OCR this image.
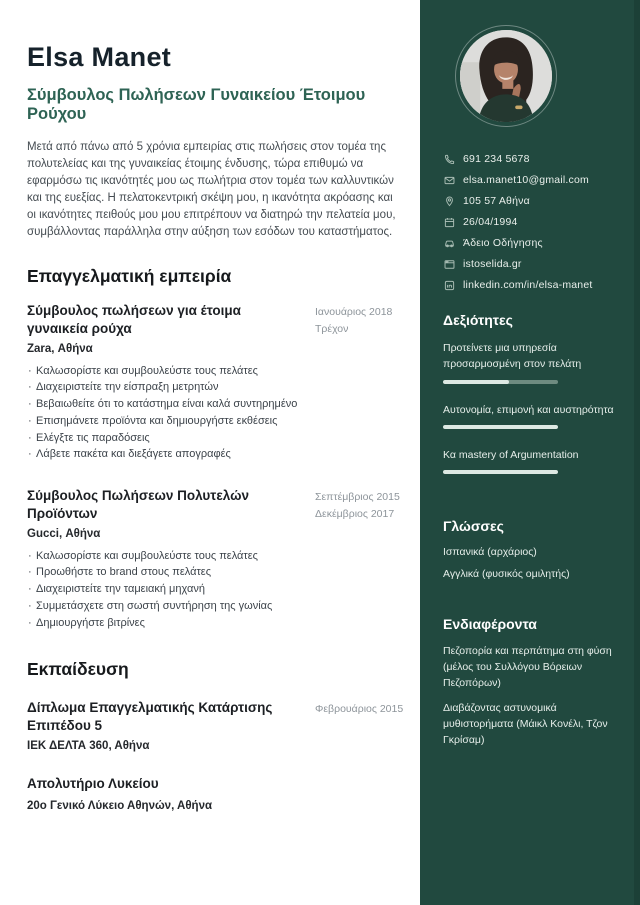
Elsa Manet
Σύμβουλος Πωλήσεων Γυναικείου Έτοιμου Ρούχου

Μετά από πάνω από 5 χρόνια εμπειρίας στις πωλήσεις στον τομέα της πολυτελείας και της γυναικείας έτοιμης ένδυσης, τώρα επιθυμώ να εφαρμόσω τις ικανότητές μου ως πωλήτρια στον τομέα των καλλυντικών και της ευεξίας. Η πελατοκεντρική σκέψη μου, η ικανότητα ακρόασης και οι ικανότητες πειθούς μου μου επιτρέπουν να διατηρώ την πελατεία μου, συμβάλλοντας παράλληλα στην αύξηση των εσόδων του καταστήματος.

Επαγγελματική εμπειρία
Σύμβουλος πωλήσεων για έτοιμα γυναικεία ρούχα
Ιανουάριος 2018
Τρέχον
Zara, Αθήνα
· Καλωσορίστε και συμβουλεύστε τους πελάτες
· Διαχειριστείτε την είσπραξη μετρητών
· Βεβαιωθείτε ότι το κατάστημα είναι καλά συντηρημένο
· Επισημάνετε προϊόντα και δημιουργήστε εκθέσεις
· Ελέγξτε τις παραδόσεις
· Λάβετε πακέτα και διεξάγετε απογραφές
Σύμβουλος Πωλήσεων Πολυτελών Προϊόντων
Σεπτέμβριος 2015
Δεκέμβριος 2017
Gucci, Αθήνα
· Καλωσορίστε και συμβουλεύστε τους πελάτες
· Προωθήστε το brand στους πελάτες
· Διαχειριστείτε την ταμειακή μηχανή
· Συμμετάσχετε στη σωστή συντήρηση της γωνίας
· Δημιουργήστε βιτρίνες
Εκπαίδευση
Δίπλωμα Επαγγελματικής Κατάρτισης Επιπέδου 5
Φεβρουάριος 2015
ΙΕΚ ΔΕΛΤΑ 360, Αθήνα
Απολυτήριο Λυκείου
20ο Γενικό Λύκειο Αθηνών, Αθήνα
691 234 5678
elsa.manet10@gmail.com
105 57 Αθήνα
26/04/1994
Άδειο Οδήγησης
istoselida.gr
linkedin.com/in/elsa-manet
Δεξιότητες
Προτείνετε μια υπηρεσία προσαρμοσμένη στον πελάτη
Αυτονομία, επιμονή και αυστηρότητα
Κα mastery of Argumentation
Γλώσσες
Ισπανικά (αρχάριος)
Αγγλικά (φυσικός ομιλητής)
Ενδιαφέροντα
Πεζοπορία και περπάτημα στη φύση (μέλος του Συλλόγου Βόρειων Πεζοπόρων)
Διαβάζοντας αστυνομικά μυθιστορήματα (Μάικλ Κονέλι, Τζον Γκρίσαμ)
